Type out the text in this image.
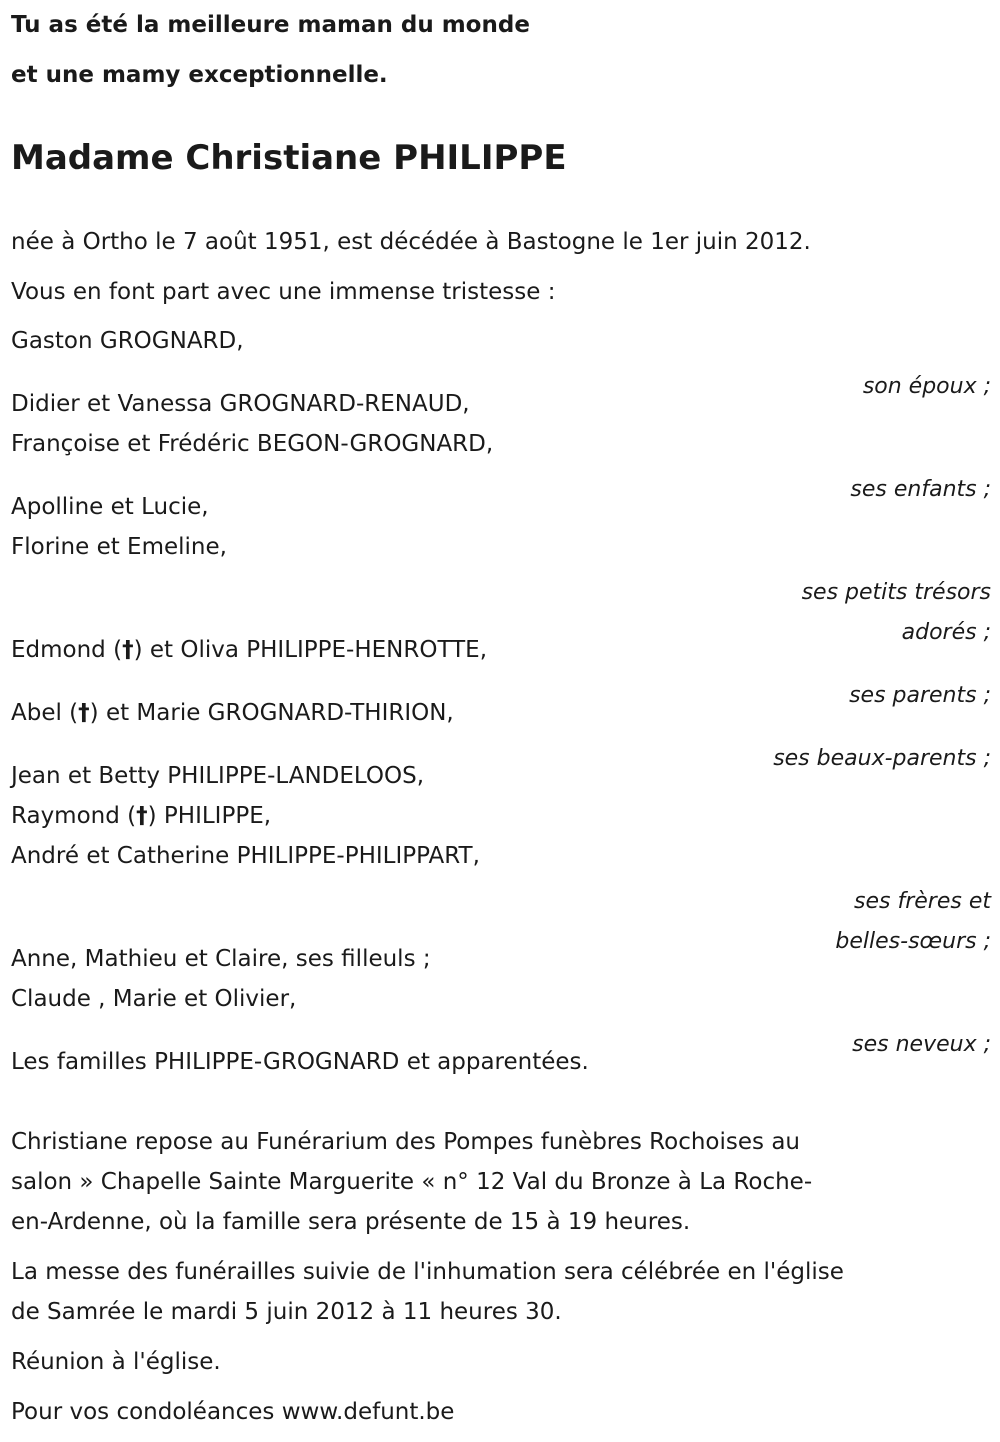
Tu as été la meilleure maman du monde

et une mamy exceptionnelle.

Madame Christiane PHILIPPE

née à Ortho le 7 août 1951, est décédée à Bastogne le 1er juin 2012.

Vous en font part avec une immense tristesse :

Gaston GROGNARD,

son époux ;

Didier et Vanessa GROGNARD-RENAUD,

Françoise et Frédéric BEGON-GROGNARD,

ses enfants ;

Apolline et Lucie,

Florine et Emeline,

ses petits trésors

adorés ;

Edmond (†) et Oliva PHILIPPE-HENROTTE,

ses parents ;

Abel (†) et Marie GROGNARD-THIRION,

ses beaux-parents ;

Jean et Betty PHILIPPE-LANDELOOS,

Raymond (†) PHILIPPE,

André et Catherine PHILIPPE-PHILIPPART,

ses frères et

belles-sœurs ;

Anne, Mathieu et Claire, ses filleuls ;

Claude , Marie et Olivier,

ses neveux ;

Les familles PHILIPPE-GROGNARD et apparentées.

Christiane repose au Funérarium des Pompes funèbres Rochoises au

salon » Chapelle Sainte Marguerite « n° 12 Val du Bronze à La Roche-

en-Ardenne, où la famille sera présente de 15 à 19 heures.

La messe des funérailles suivie de l'inhumation sera célébrée en l'église

de Samrée le mardi 5 juin 2012 à 11 heures 30.

Réunion à l'église.

Pour vos condoléances www.defunt.be
